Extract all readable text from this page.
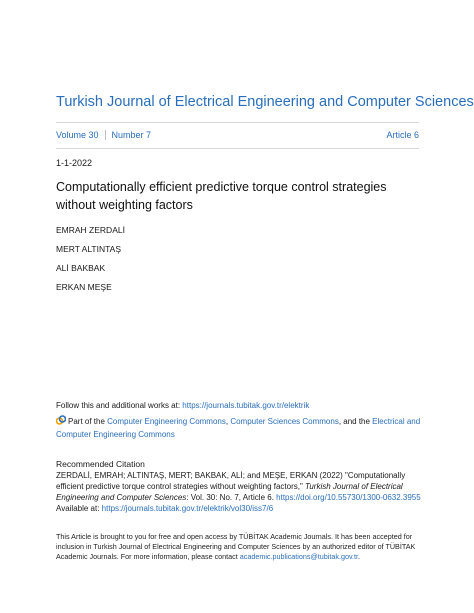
Turkish Journal of Electrical Engineering and Computer Sciences
Volume 30 Number 7	Article 6
1-1-2022
Computationally efficient predictive torque control strategies without weighting factors
EMRAH ZERDALİ
MERT ALTINTAŞ
ALİ BAKBAK
ERKAN MEŞE
Follow this and additional works at: https://journals.tubitak.gov.tr/elektrik
Part of the Computer Engineering Commons, Computer Sciences Commons, and the Electrical and Computer Engineering Commons
Recommended Citation
ZERDALİ, EMRAH; ALTINTAŞ, MERT; BAKBAK, ALİ; and MEŞE, ERKAN (2022) "Computationally efficient predictive torque control strategies without weighting factors," Turkish Journal of Electrical Engineering and Computer Sciences: Vol. 30: No. 7, Article 6. https://doi.org/10.55730/1300-0632.3955
Available at: https://journals.tubitak.gov.tr/elektrik/vol30/iss7/6
This Article is brought to you for free and open access by TÜBİTAK Academic Journals. It has been accepted for inclusion in Turkish Journal of Electrical Engineering and Computer Sciences by an authorized editor of TÜBİTAK Academic Journals. For more information, please contact academic.publications@tubitak.gov.tr.
